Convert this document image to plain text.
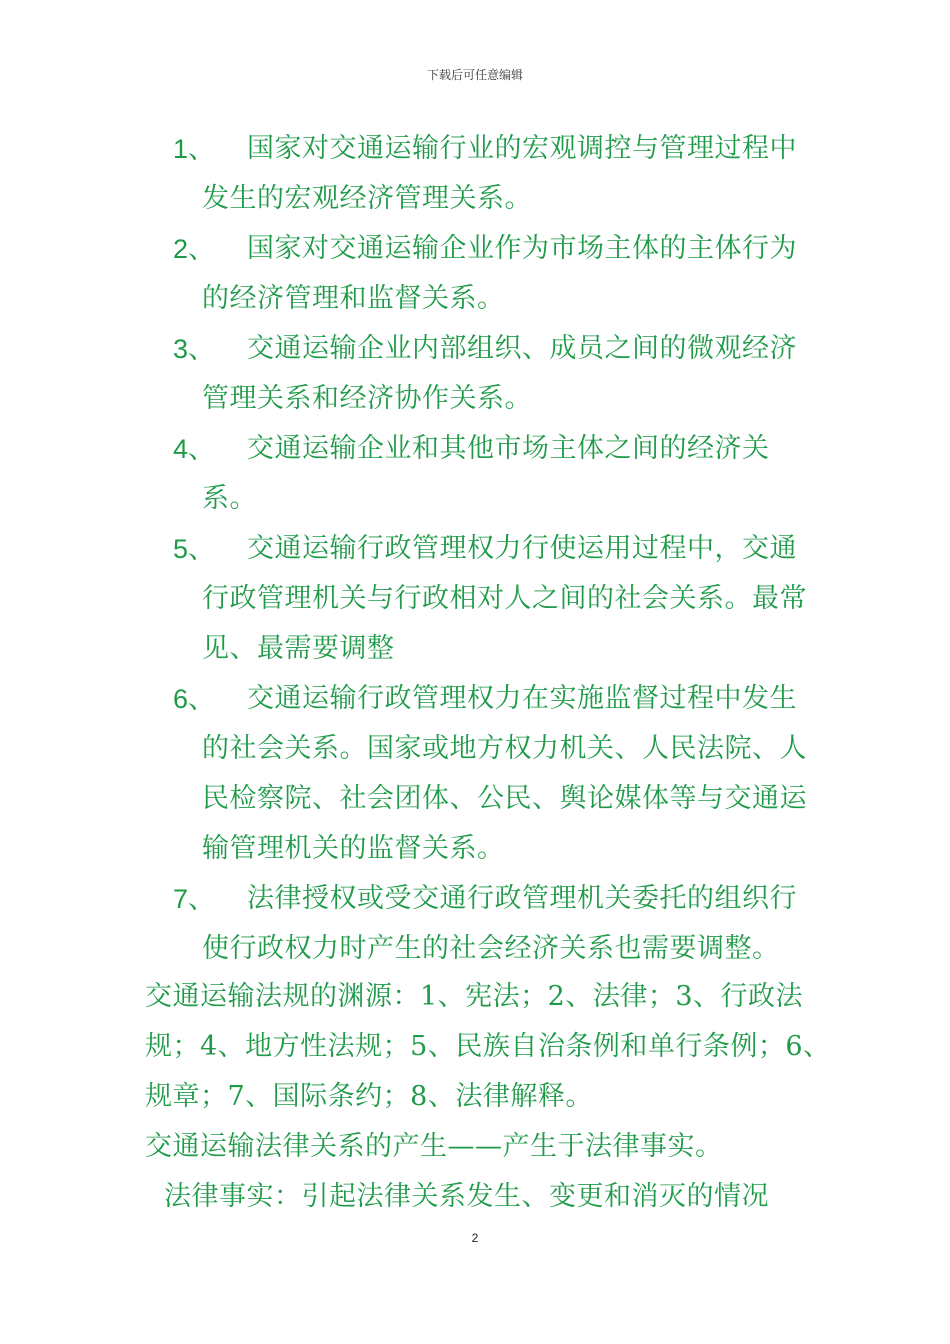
下载后可任意编辑
1、	国家对交通运输行业的宏观调控与管理过程中发生的宏观经济管理关系。
2、	国家对交通运输企业作为市场主体的主体行为的经济管理和监督关系。
3、	交通运输企业内部组织、成员之间的微观经济管理关系和经济协作关系。
4、	交通运输企业和其他市场主体之间的经济关系。
5、	交通运输行政管理权力行使运用过程中，交通行政管理机关与行政相对人之间的社会关系。最常见、最需要调整
6、	交通运输行政管理权力在实施监督过程中发生的社会关系。国家或地方权力机关、人民法院、人民检察院、社会团体、公民、舆论媒体等与交通运输管理机关的监督关系。
7、	法律授权或受交通行政管理机关委托的组织行使行政权力时产生的社会经济关系也需要调整。
交通运输法规的渊源：1、宪法；2、法律；3、行政法规；4、地方性法规；5、民族自治条例和单行条例；6、规章；7、国际条约；8、法律解释。
交通运输法律关系的产生——产生于法律事实。
法律事实：引起法律关系发生、变更和消灭的情况
2
